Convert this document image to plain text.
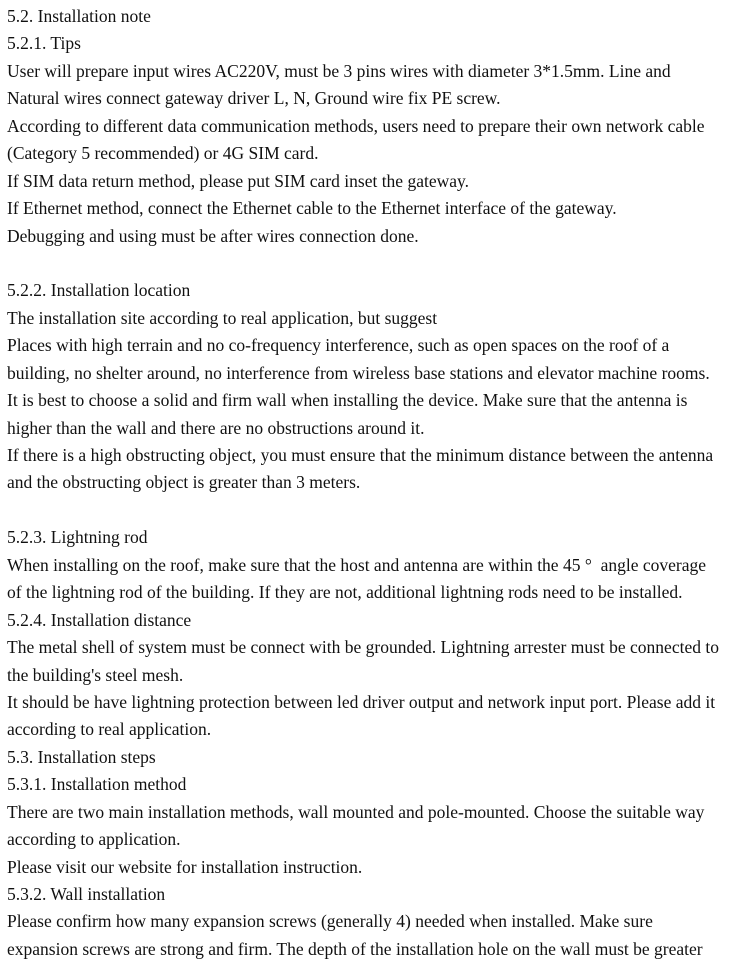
5.2. Installation note
5.2.1. Tips
User will prepare input wires AC220V, must be 3 pins wires with diameter 3*1.5mm. Line and
Natural wires connect gateway driver L, N, Ground wire fix PE screw.
According to different data communication methods, users need to prepare their own network cable
(Category 5 recommended) or 4G SIM card.
If SIM data return method, please put SIM card inset the gateway.
If Ethernet method, connect the Ethernet cable to the Ethernet interface of the gateway.
Debugging and using must be after wires connection done.
5.2.2. Installation location
The installation site according to real application, but suggest
Places with high terrain and no co-frequency interference, such as open spaces on the roof of a
building, no shelter around, no interference from wireless base stations and elevator machine rooms.
It is best to choose a solid and firm wall when installing the device. Make sure that the antenna is
higher than the wall and there are no obstructions around it.
If there is a high obstructing object, you must ensure that the minimum distance between the antenna
and the obstructing object is greater than 3 meters.
5.2.3. Lightning rod
When installing on the roof, make sure that the host and antenna are within the 45 °  angle coverage
of the lightning rod of the building. If they are not, additional lightning rods need to be installed.
5.2.4. Installation distance
The metal shell of system must be connect with be grounded. Lightning arrester must be connected to
the building's steel mesh.
It should be have lightning protection between led driver output and network input port. Please add it
according to real application.
5.3. Installation steps
5.3.1. Installation method
There are two main installation methods, wall mounted and pole-mounted. Choose the suitable way
according to application.
Please visit our website for installation instruction.
5.3.2. Wall installation
Please confirm how many expansion screws (generally 4) needed when installed. Make sure
expansion screws are strong and firm. The depth of the installation hole on the wall must be greater
